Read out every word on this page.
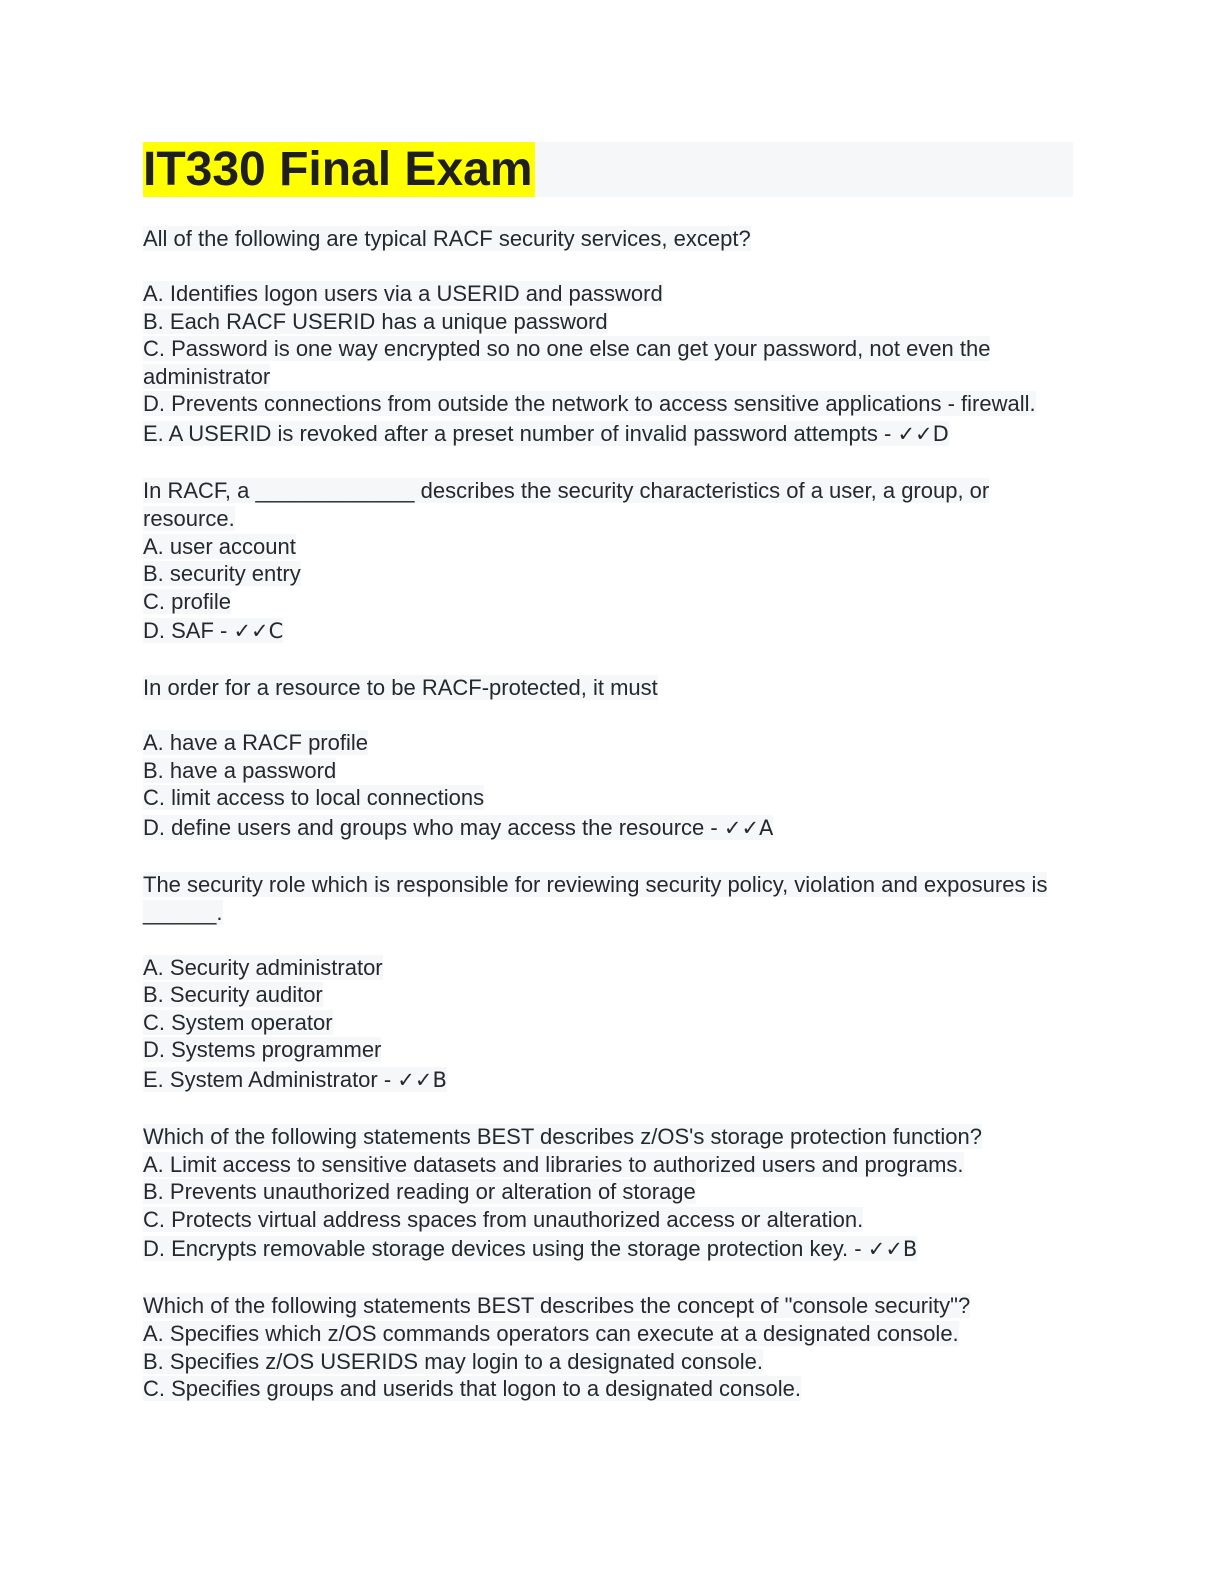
IT330 Final Exam

All of the following are typical RACF security services, except?

A. Identifies logon users via a USERID and password

B. Each RACF USERID has a unique password

C. Password is one way encrypted so no one else can get your password, not even the administrator

D. Prevents connections from outside the network to access sensitive applications - firewall.

E. A USERID is revoked after a preset number of invalid password attempts - ✓✓D

In RACF, a _____________ describes the security characteristics of a user, a group, or resource.

A. user account

B. security entry

C. profile

D. SAF - ✓✓C

In order for a resource to be RACF-protected, it must

A. have a RACF profile

B. have a password

C. limit access to local connections

D. define users and groups who may access the resource - ✓✓A

The security role which is responsible for reviewing security policy, violation and exposures is ______.

A. Security administrator

B. Security auditor

C. System operator

D. Systems programmer

E. System Administrator - ✓✓B

Which of the following statements BEST describes z/OS's storage protection function?

A. Limit access to sensitive datasets and libraries to authorized users and programs.

B. Prevents unauthorized reading or alteration of storage

C. Protects virtual address spaces from unauthorized access or alteration.

D. Encrypts removable storage devices using the storage protection key. - ✓✓B

Which of the following statements BEST describes the concept of "console security"?

A. Specifies which z/OS commands operators can execute at a designated console.

B. Specifies z/OS USERIDS may login to a designated console.

C. Specifies groups and userids that logon to a designated console.
